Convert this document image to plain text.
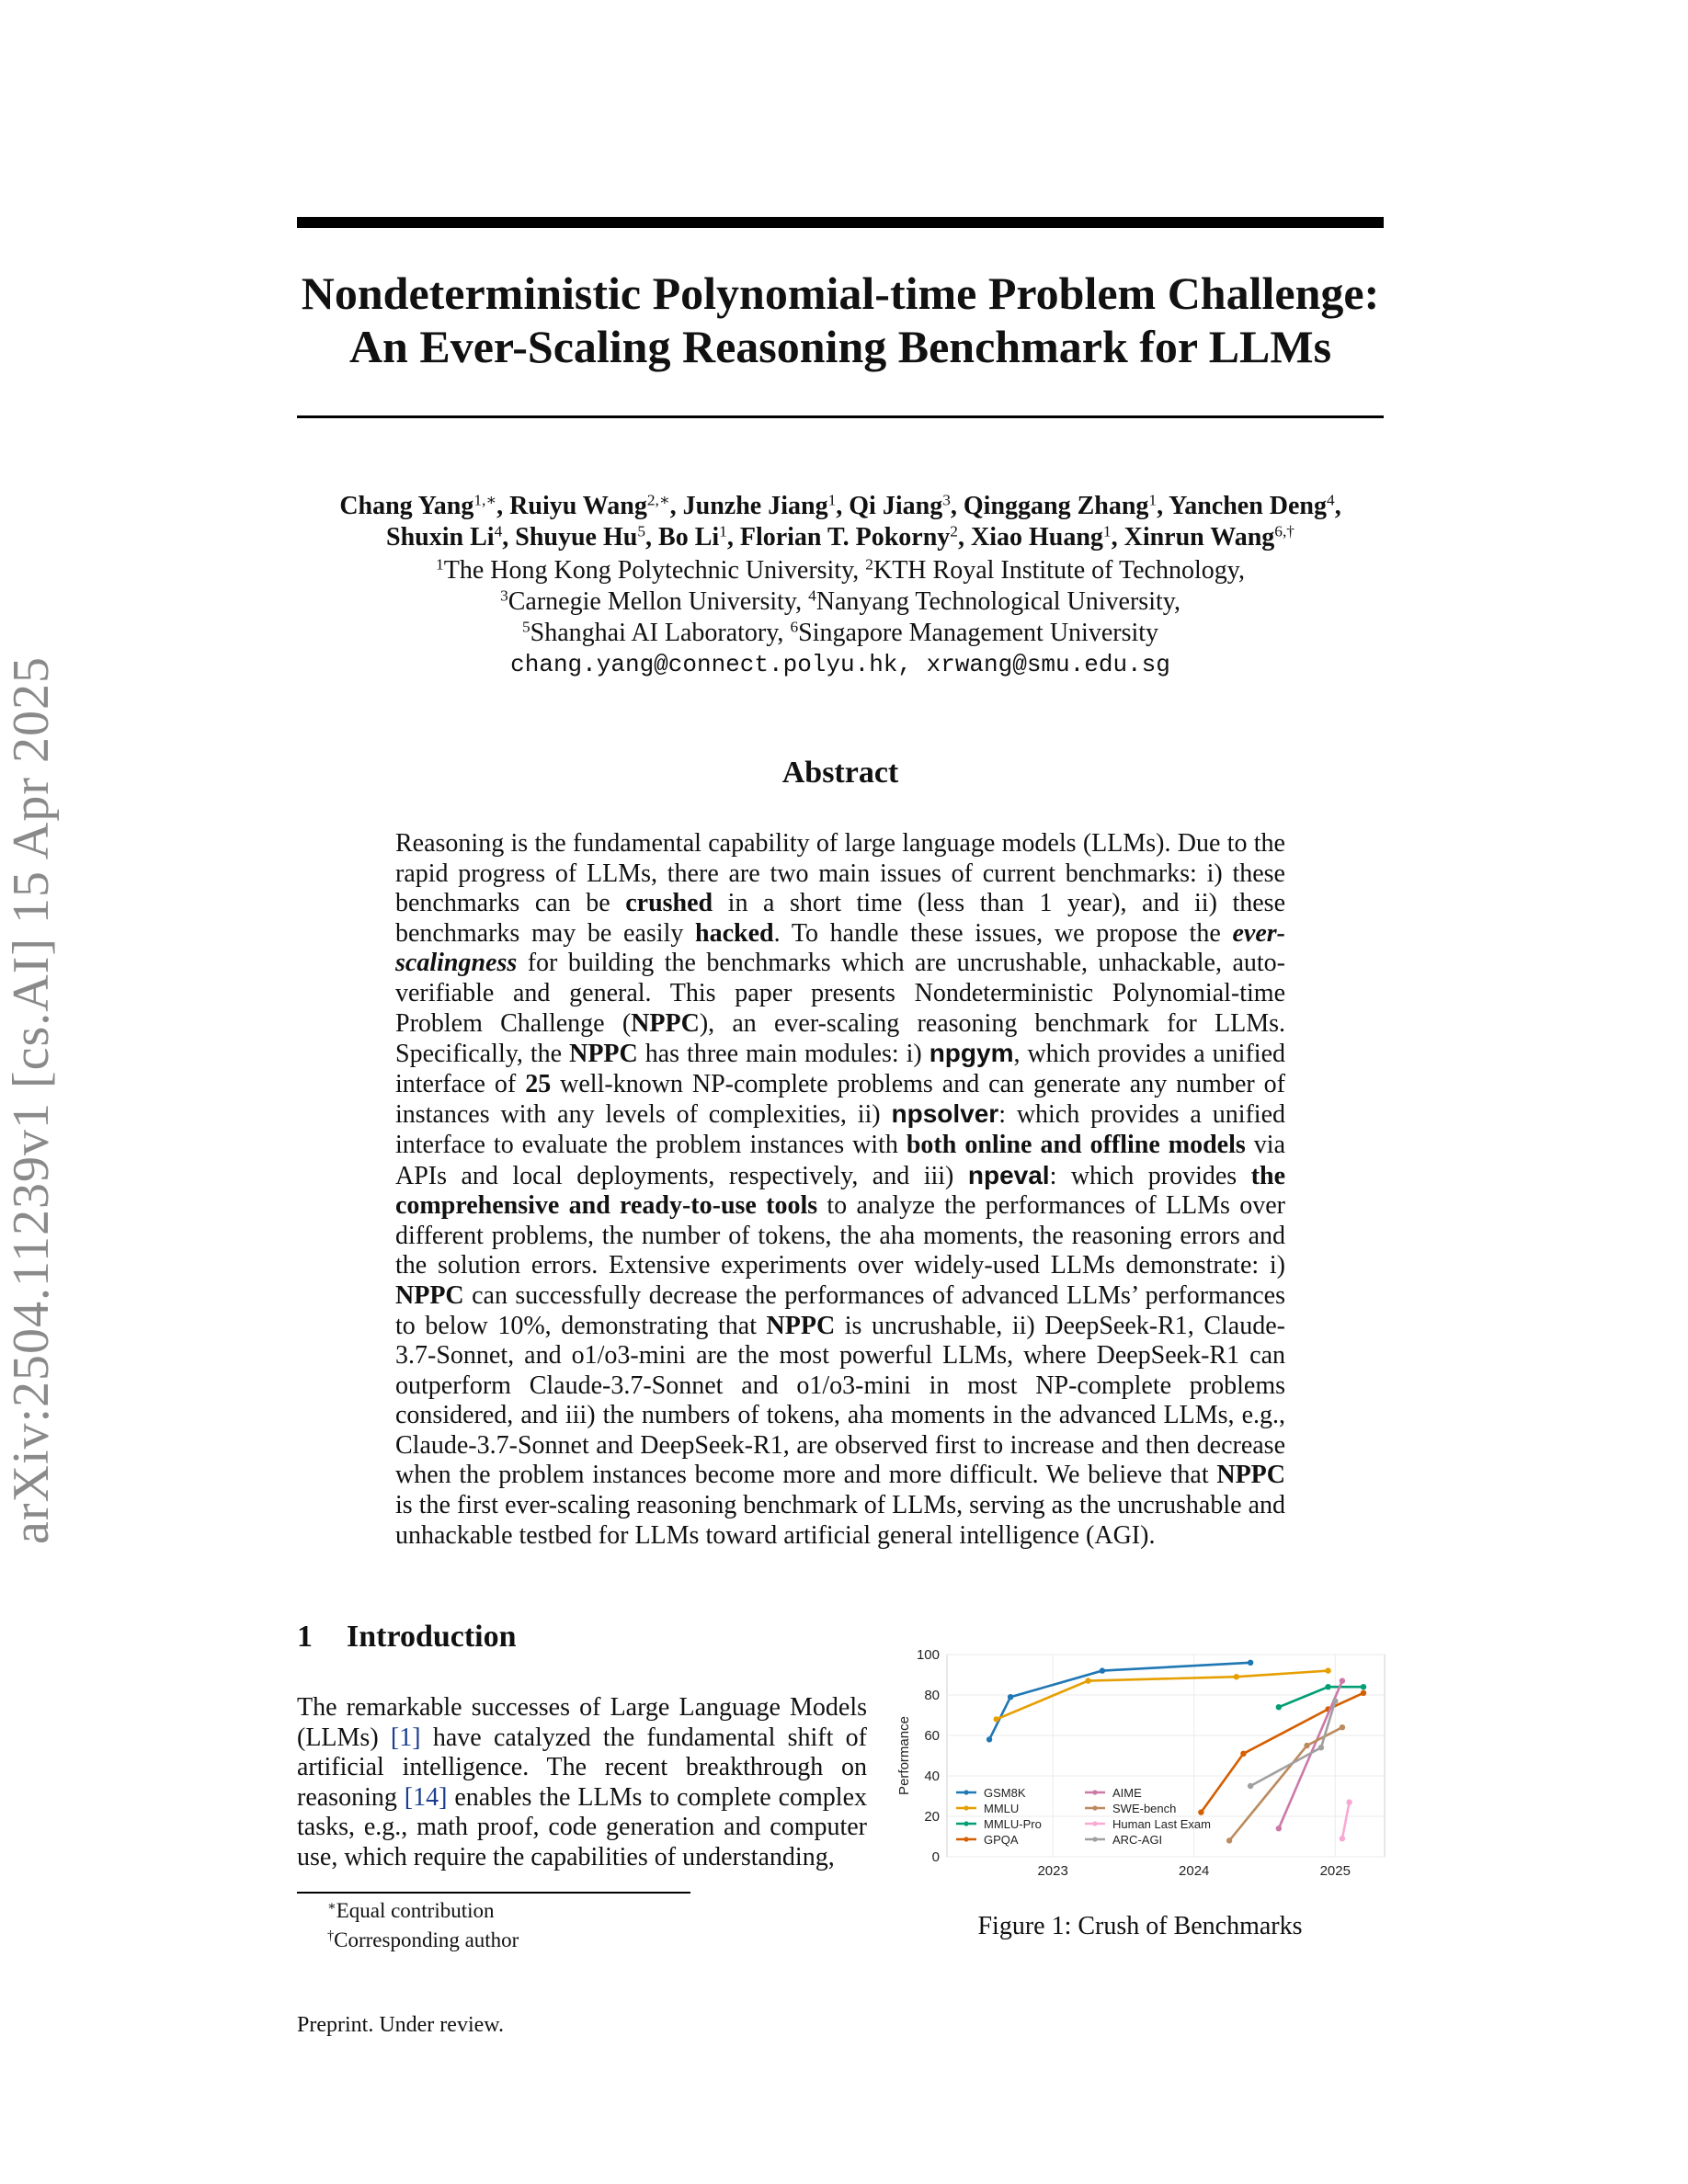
arXiv:2504.11239v1 [cs.AI] 15 Apr 2025
Nondeterministic Polynomial-time Problem Challenge:
An Ever-Scaling Reasoning Benchmark for LLMs
Chang Yang$^{1,∗}$, Ruiyu Wang$^{2,∗}$, Junzhe Jiang$^1$, Qi Jiang$^3$, Qinggang Zhang$^1$, Yanchen Deng$^4$,
Shuxin Li$^4$, Shuyue Hu$^5$, Bo Li$^1$, Florian T. Pokorny$^2$, Xiao Huang$^1$, Xinrun Wang$^{6,\dagger}$
$^1$The Hong Kong Polytechnic University, $^2$KTH Royal Institute of Technology,
$^3$Carnegie Mellon University, $^4$Nanyang Technological University,
$^5$Shanghai AI Laboratory, $^6$Singapore Management University
chang.yang@connect.polyu.hk, xrwang@smu.edu.sg
Abstract
Reasoning is the fundamental capability of large language models (LLMs). Due to the rapid progress of LLMs, there are two main issues of current benchmarks: i) these benchmarks can be crushed in a short time (less than 1 year), and ii) these benchmarks may be easily hacked. To handle these issues, we propose the ever-scalingness for building the benchmarks which are uncrushable, unhackable, auto-verifiable and general. This paper presents Nondeterministic Polynomial-time Problem Challenge (NPPC), an ever-scaling reasoning benchmark for LLMs. Specifically, the NPPC has three main modules: i) npgym, which provides a unified interface of 25 well-known NP-complete problems and can generate any number of instances with any levels of complexities, ii) npsolver: which provides a unified interface to evaluate the problem instances with both online and offline models via APIs and local deployments, respectively, and iii) npeval: which provides the comprehensive and ready-to-use tools to analyze the performances of LLMs over different problems, the number of tokens, the aha moments, the reasoning errors and the solution errors. Extensive experiments over widely-used LLMs demonstrate: i) NPPC can successfully decrease the performances of advanced LLMs’ performances to below 10%, demonstrating that NPPC is uncrushable, ii) DeepSeek-R1, Claude-3.7-Sonnet, and o1/o3-mini are the most powerful LLMs, where DeepSeek-R1 can outperform Claude-3.7-Sonnet and o1/o3-mini in most NP-complete problems considered, and iii) the numbers of tokens, aha moments in the advanced LLMs, e.g., Claude-3.7-Sonnet and DeepSeek-R1, are observed first to increase and then decrease when the problem instances become more and more difficult. We believe that NPPC is the first ever-scaling reasoning benchmark of LLMs, serving as the uncrushable and unhackable testbed for LLMs toward artificial general intelligence (AGI).
1 Introduction
The remarkable successes of Large Language Models (LLMs) [1] have catalyzed the fundamental shift of artificial intelligence. The recent breakthrough on reasoning [14] enables the LLMs to complete complex tasks, e.g., math proof, code generation and computer use, which require the capabilities of understanding,
∗Equal contribution
†Corresponding author
Preprint. Under review.
0
20
40
60
80
100
2023	2024	2025
Performance	GSM8K
MMLU
MMLU-Pro
GPQA
AIME
SWE-bench
Human Last Exam
ARC-AGI
Figure 1: Crush of Benchmarks
